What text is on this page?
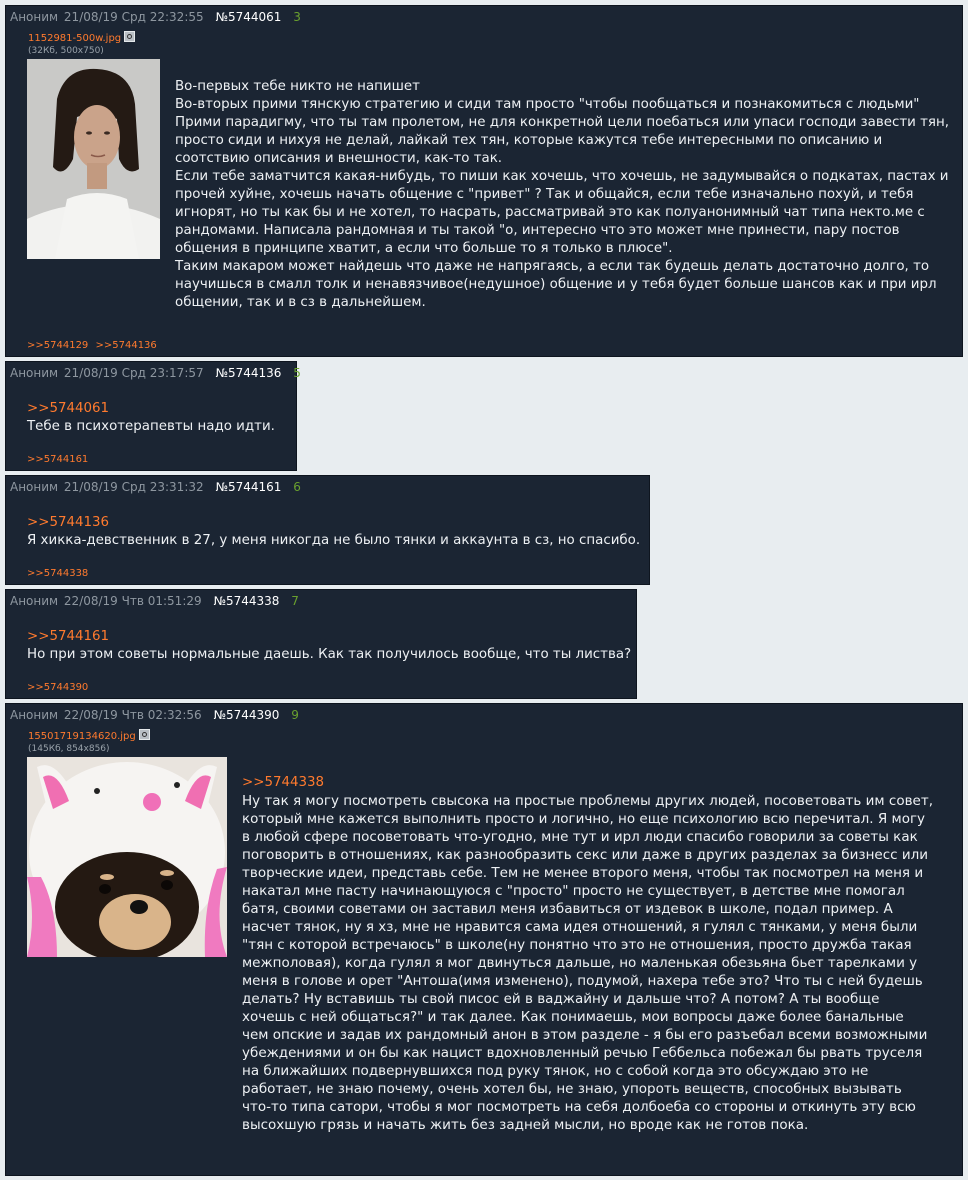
Аноним 21/08/19 Срд 22:32:55 №5744061 3
1152981-500w.jpg
(32Кб, 500x750)

Во-первых тебе никто не напишет

Во-вторых прими тянскую стратегию и сиди там просто "чтобы пообщаться и познакомиться с людьми"

Прими парадигму, что ты там пролетом, не для конкретной цели поебаться или упаси господи завести тян, просто сиди и нихуя не делай, лайкай тех тян, которые кажутся тебе интересными по описанию и соотствию описания и внешности, как-то так.

Если тебе заматчится какая-нибудь, то пиши как хочешь, что хочешь, не задумывайся о подкатах, пастах и прочей хуйне, хочешь начать общение с "привет" ? Так и общайся, если тебе изначально похуй, и тебя игнорят, но ты как бы и не хотел, то насрать, рассматривай это как полуанонимный чат типа некто.ме с рандомами. Написала рандомная и ты такой "о, интересно что это может мне принести, пару постов общения в принципе хватит, а если что больше то я только в плюсе".

Таким макаром может найдешь что даже не напрягаясь, а если так будешь делать достаточно долго, то научишься в смалл толк и ненавязчивое(недушное) общение и у тебя будет больше шансов как и при ирл общении, так и в сз в дальнейшем.

>>5744129 >>5744136
Аноним 21/08/19 Срд 23:17:57 №5744136 5
>>5744061

Тебе в психотерапевты надо идти.

>>5744161
Аноним 21/08/19 Срд 23:31:32 №5744161 6
>>5744136

Я хикка-девственник в 27, у меня никогда не было тянки и аккаунта в сз, но спасибо.

>>5744338
Аноним 22/08/19 Чтв 01:51:29 №5744338 7
>>5744161

Но при этом советы нормальные даешь. Как так получилось вообще, что ты листва?

>>5744390
Аноним 22/08/19 Чтв 02:32:56 №5744390 9
15501719134620.jpg
(145Кб, 854x856)
>>5744338

Ну так я могу посмотреть свысока на простые проблемы других людей, посоветовать им совет, который мне кажется выполнить просто и логично, но еще психологию всю перечитал. Я могу в любой сфере посоветовать что-угодно, мне тут и ирл люди спасибо говорили за советы как поговорить в отношениях, как разнообразить секс или даже в других разделах за бизнесс или творческие идеи, представь себе. Тем не менее второго меня, чтобы так посмотрел на меня и накатал мне пасту начинающуюся с "просто" просто не существует, в детстве мне помогал батя, своими советами он заставил меня избавиться от издевок в школе, подал пример. А насчет тянок, ну я хз, мне не нравится сама идея отношений, я гулял с тянками, у меня были "тян с которой встречаюсь" в школе(ну понятно что это не отношения, просто дружба такая межполовая), когда гулял я мог двинуться дальше, но маленькая обезьяна бьет тарелками у меня в голове и орет "Антоша(имя изменено), подумой, нахера тебе это? Что ты с ней будешь делать? Ну вставишь ты свой писос ей в ваджайну и дальше что? А потом? А ты вообще хочешь с ней общаться?" и так далее. Как понимаешь, мои вопросы даже более банальные чем опские и задав их рандомный анон в этом разделе - я бы его разъебал всеми возможными убеждениями и он бы как нацист вдохновленный речью Геббельса побежал бы рвать труселя на ближайших подвернувшихся под руку тянок, но с собой когда это обсуждаю это не работает, не знаю почему, очень хотел бы, не знаю, упороть веществ, способных вызывать что-то типа сатори, чтобы я мог посмотреть на себя долбоеба со стороны и откинуть эту всю высохшую грязь и начать жить без задней мысли, но вроде как не готов пока.
